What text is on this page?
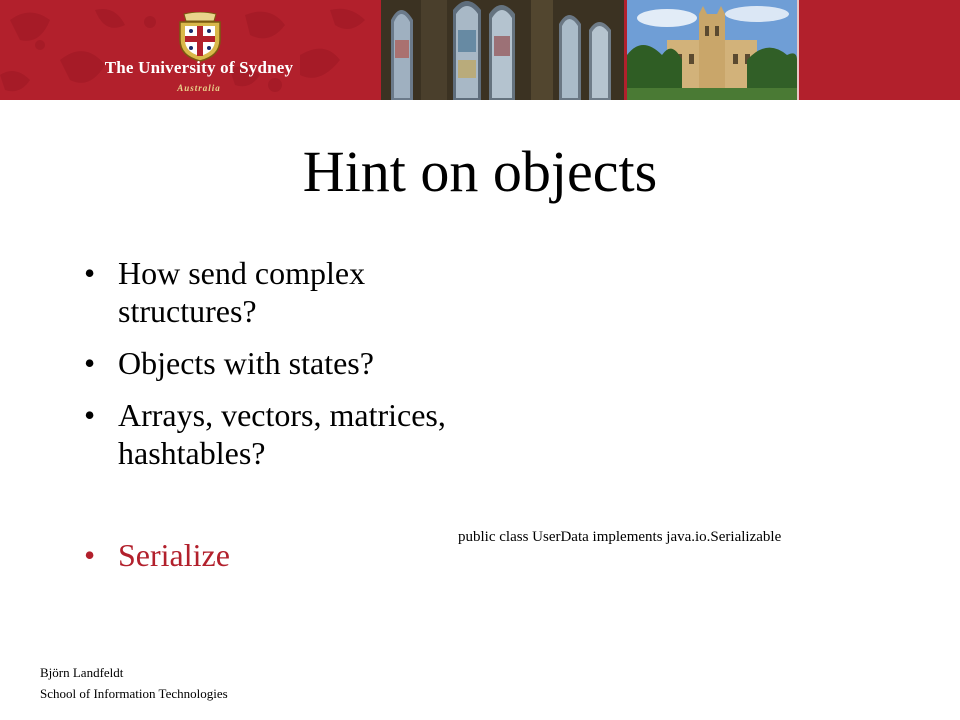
The University of Sydney
Australia
Hint on objects
• How send complex structures?
• Objects with states?
• Arrays, vectors, matrices, hashtables?
• Serialize	public class UserData implements java.io.Serializable
Björn Landfeldt
School of Information Technologies
